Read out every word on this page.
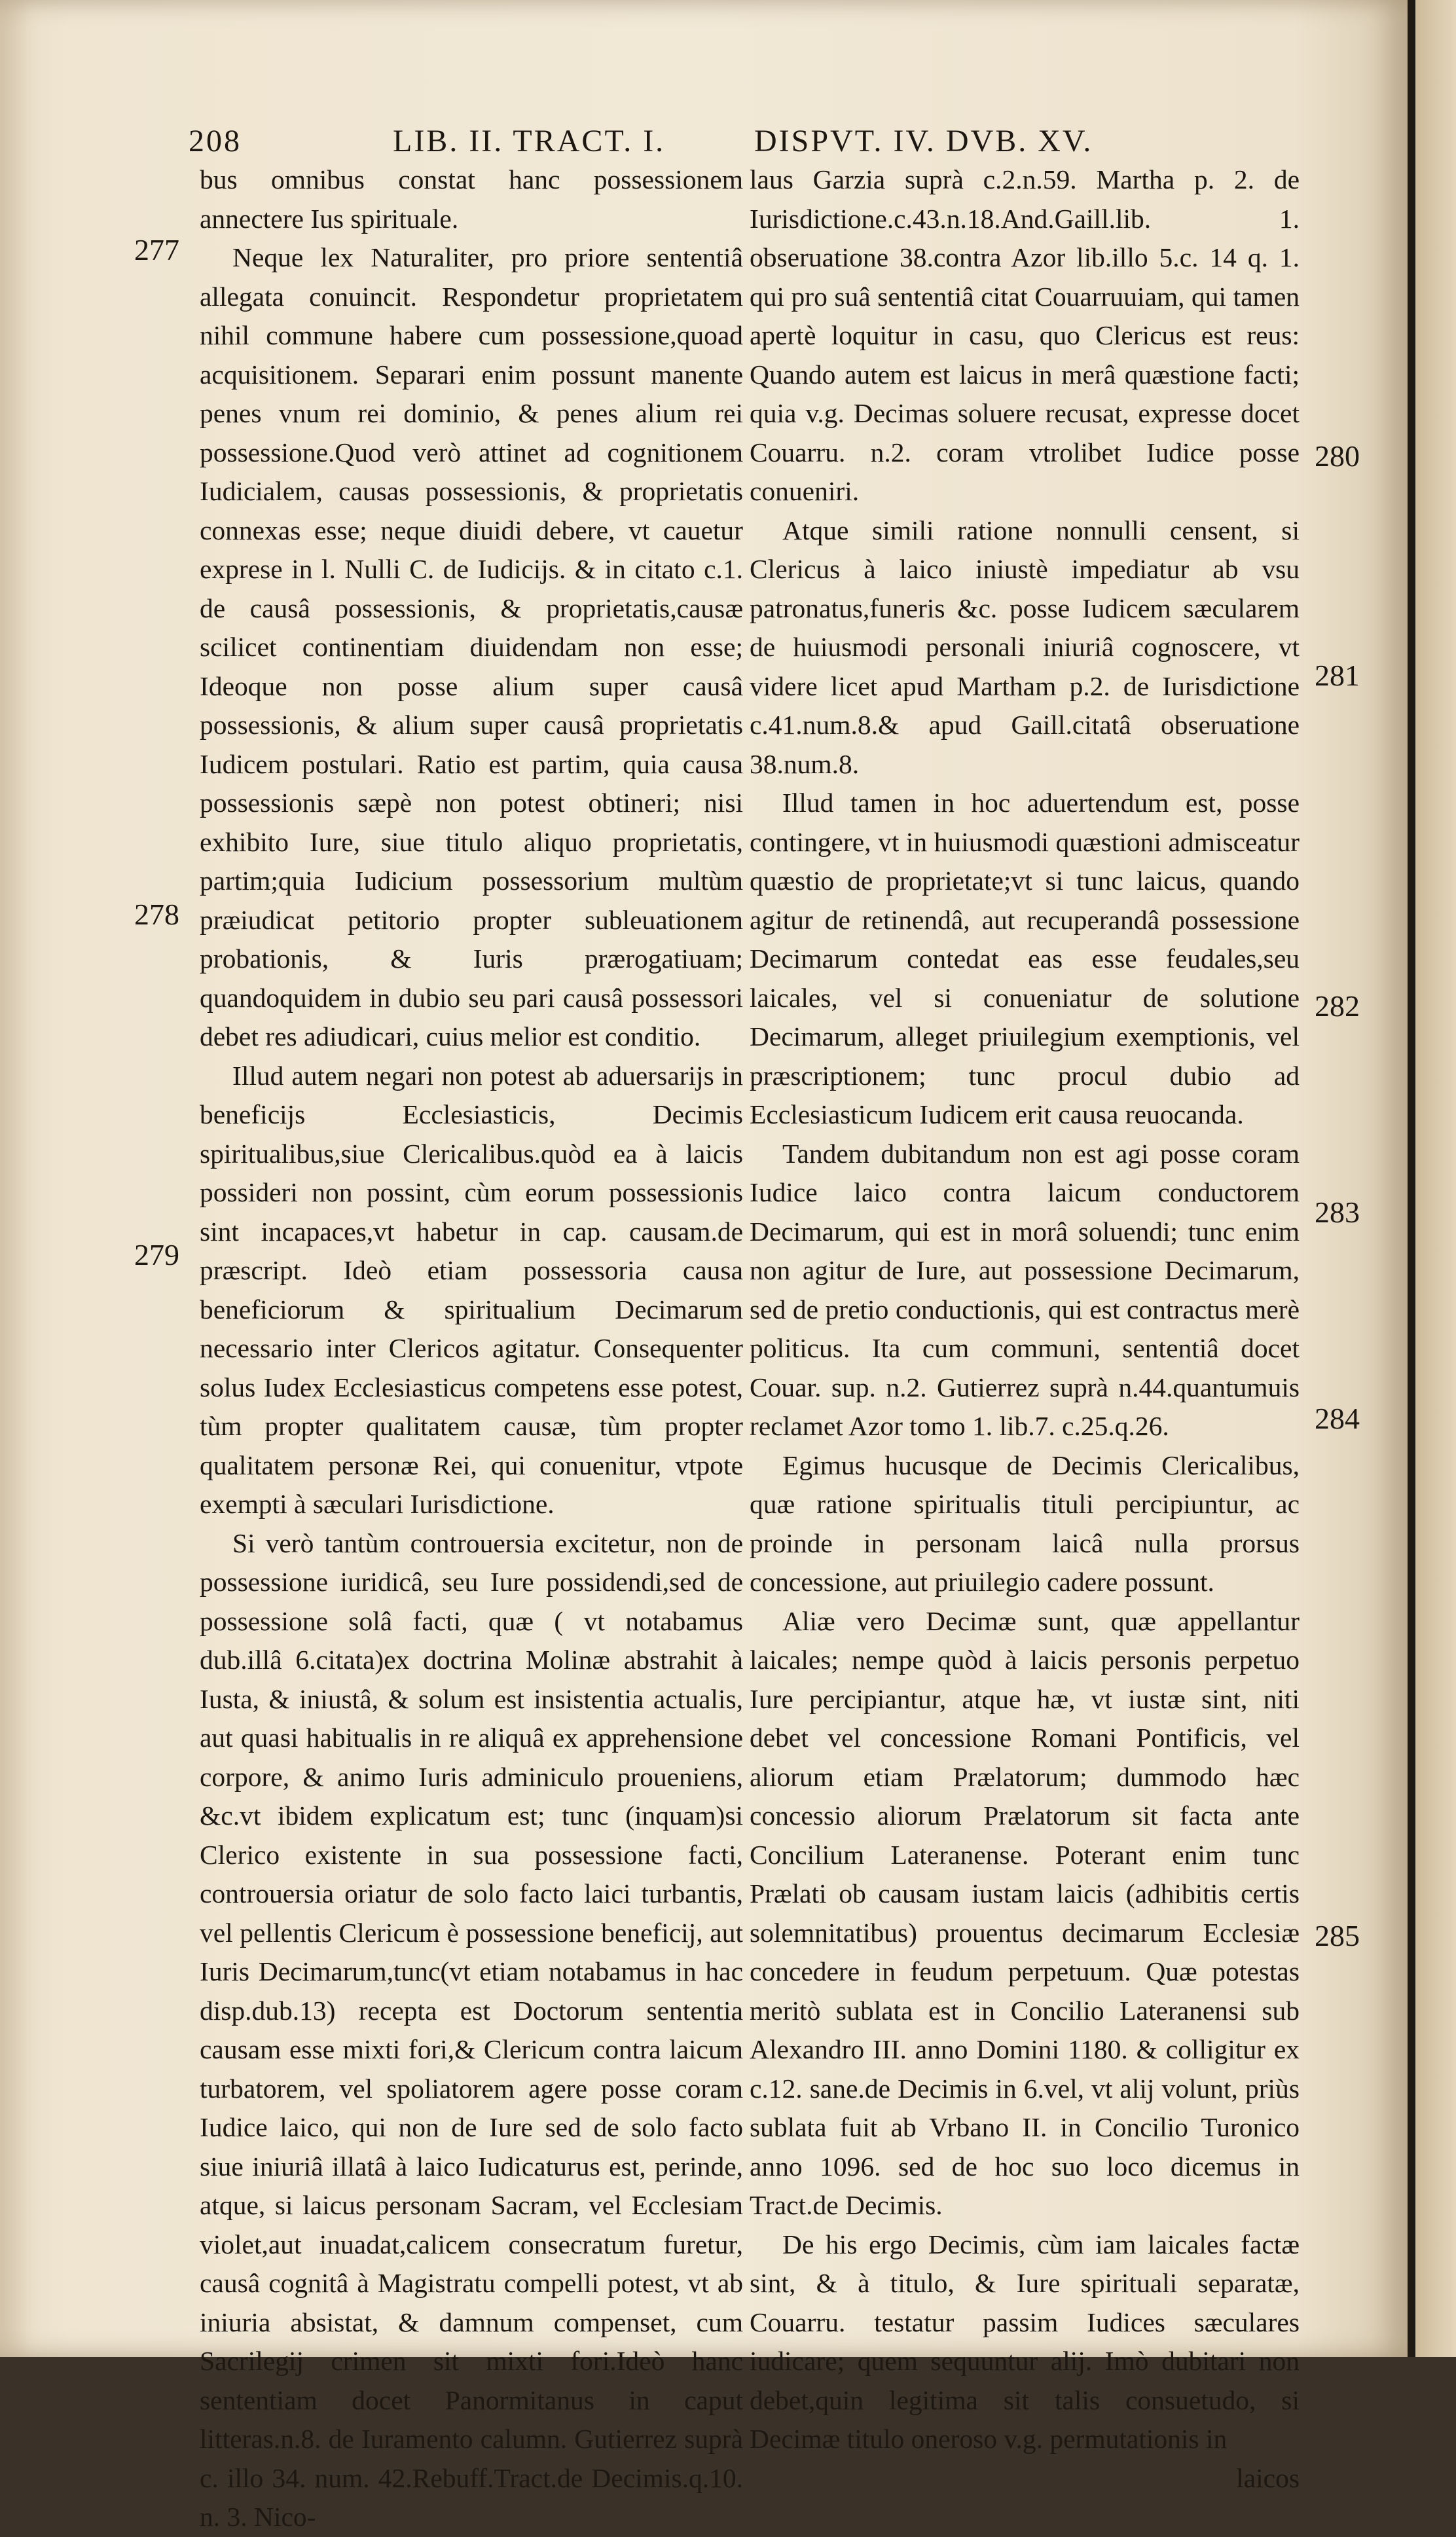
208	LIB. II. TRACT. I.	DISPVT. IV. DVB. XV.

bus omnibus constat hanc possessionem annectere Ius spirituale.

Neque lex Naturaliter, pro priore sententiâ allegata conuincit. Respondetur proprietatem nihil commune habere cum possessione,quoad acquisitionem. Separari enim possunt manente penes vnum rei dominio, & penes alium rei possessione.Quod verò attinet ad cognitionem Iudicialem, causas possessionis, & proprietatis connexas esse; neque diuidi debere, vt cauetur exprese in l. Nulli C. de Iudicijs. & in citato c.1. de causâ possessionis, & proprietatis,causæ scilicet continentiam diuidendam non esse; Ideoque non posse alium super causâ possessionis, & alium super causâ proprietatis Iudicem postulari. Ratio est partim, quia causa possessionis sæpè non potest obtineri; nisi exhibito Iure, siue titulo aliquo proprietatis, partim;quia Iudicium possessorium multùm præiudicat petitorio propter subleuationem probationis, & Iuris prærogatiuam; quandoquidem in dubio seu pari causâ possessori debet res adiudicari, cuius melior est conditio.

Illud autem negari non potest ab aduersarijs in beneficijs Ecclesiasticis, Decimis spiritualibus,siue Clericalibus.quòd ea à laicis possideri non possint, cùm eorum possessionis sint incapaces,vt habetur in cap. causam.de præscript. Ideò etiam possessoria causa beneficiorum & spiritualium Decimarum necessario inter Clericos agitatur. Consequenter solus Iudex Ecclesiasticus competens esse potest, tùm propter qualitatem causæ, tùm propter qualitatem personæ Rei, qui conuenitur, vtpote exempti à sæculari Iurisdictione.

Si verò tantùm controuersia excitetur, non de possessione iuridicâ, seu Iure possidendi,sed de possessione solâ facti, quæ ( vt notabamus dub.illâ 6.citata)ex doctrina Molinæ abstrahit à Iusta, & iniustâ, & solum est insistentia actualis, aut quasi habitualis in re aliquâ ex apprehensione corpore, & animo Iuris adminiculo proueniens, &c.vt ibidem explicatum est; tunc (inquam)si Clerico existente in sua possessione facti, controuersia oriatur de solo facto laici turbantis, vel pellentis Clericum è possessione beneficij, aut Iuris Decimarum,tunc(vt etiam notabamus in hac disp.dub.13) recepta est Doctorum sententia causam esse mixti fori,& Clericum contra laicum turbatorem, vel spoliatorem agere posse coram Iudice laico, qui non de Iure sed de solo facto siue iniuriâ illatâ à laico Iudicaturus est, perinde, atque, si laicus personam Sacram, vel Ecclesiam violet,aut inuadat,calicem consecratum furetur, causâ cognitâ à Magistratu compelli potest, vt ab iniuria absistat, & damnum compenset, cum Sacrilegij crimen sit mixti fori.Ideò hanc sententiam docet Panormitanus in caput litteras.n.8. de Iuramento calumn. Gutierrez suprà c. illo 34. num. 42.Rebuff.Tract.de Decimis.q.10. n. 3. Nico-

laus Garzia suprà c.2.n.59. Martha p. 2. de Iurisdictione.c.43.n.18.And.Gaill.lib. 1. obseruatione 38.contra Azor lib.illo 5.c. 14 q. 1. qui pro suâ sententiâ citat Couarruuiam, qui tamen apertè loquitur in casu, quo Clericus est reus: Quando autem est laicus in merâ quæstione facti; quia v.g. Decimas soluere recusat, expresse docet Couarru. n.2. coram vtrolibet Iudice posse conueniri.

Atque simili ratione nonnulli censent, si Clericus à laico iniustè impediatur ab vsu patronatus,funeris &c. posse Iudicem sæcularem de huiusmodi personali iniuriâ cognoscere, vt videre licet apud Martham p.2. de Iurisdictione c.41.num.8.& apud Gaill.citatâ obseruatione 38.num.8.

Illud tamen in hoc aduertendum est, posse contingere, vt in huiusmodi quæstioni admisceatur quæstio de proprietate;vt si tunc laicus, quando agitur de retinendâ, aut recuperandâ possessione Decimarum contedat eas esse feudales,seu laicales, vel si conueniatur de solutione Decimarum, alleget priuilegium exemptionis, vel præscriptionem; tunc procul dubio ad Ecclesiasticum Iudicem erit causa reuocanda.

Tandem dubitandum non est agi posse coram Iudice laico contra laicum conductorem Decimarum, qui est in morâ soluendi; tunc enim non agitur de Iure, aut possessione Decimarum, sed de pretio conductionis, qui est contractus merè politicus. Ita cum communi, sententiâ docet Couar. sup. n.2. Gutierrez suprà n.44.quantumuis reclamet Azor tomo 1. lib.7. c.25.q.26.

Egimus hucusque de Decimis Clericalibus, quæ ratione spiritualis tituli percipiuntur, ac proinde in personam laicâ nulla prorsus concessione, aut priuilegio cadere possunt.

Aliæ vero Decimæ sunt, quæ appellantur laicales; nempe quòd à laicis personis perpetuo Iure percipiantur, atque hæ, vt iustæ sint, niti debet vel concessione Romani Pontificis, vel aliorum etiam Prælatorum; dummodo hæc concessio aliorum Prælatorum sit facta ante Concilium Lateranense. Poterant enim tunc Prælati ob causam iustam laicis (adhibitis certis solemnitatibus) prouentus decimarum Ecclesiæ concedere in feudum perpetuum. Quæ potestas meritò sublata est in Concilio Lateranensi sub Alexandro III. anno Domini 1180. & colligitur ex c.12. sane.de Decimis in 6.vel, vt alij volunt, priùs sublata fuit ab Vrbano II. in Concilio Turonico anno 1096. sed de hoc suo loco dicemus in Tract.de Decimis.

De his ergo Decimis, cùm iam laicales factæ sint, & à titulo, & Iure spirituali separatæ, Couarru. testatur passim Iudices sæculares iudicare; quem sequuntur alij. Imò dubitari non debet,quin legitima sit talis consuetudo, si Decimæ titulo oneroso v.g. permutationis in

laicos
277
278
279
280
281
282
283
284
285
